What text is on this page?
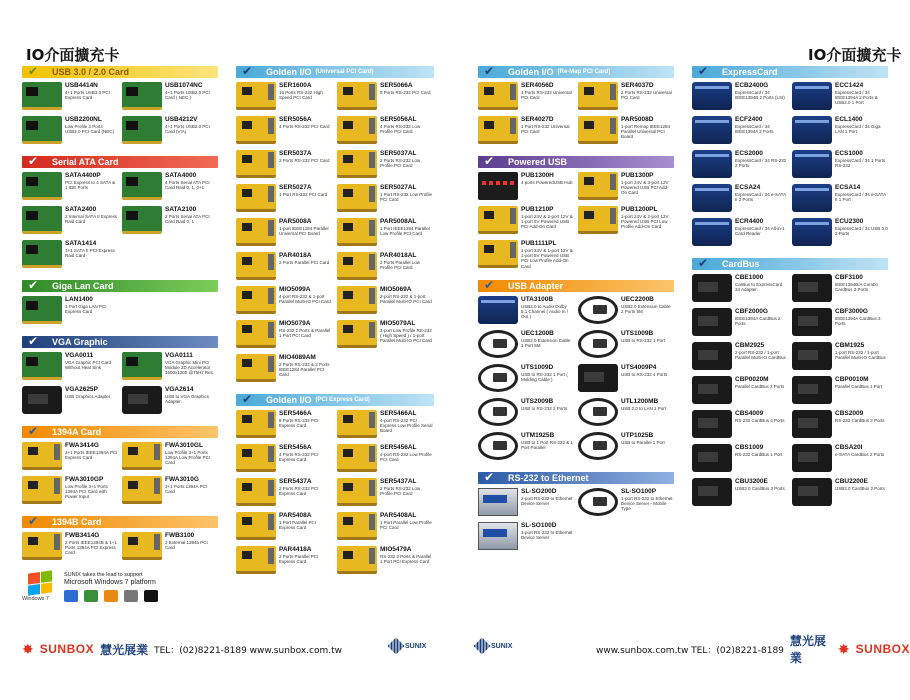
IO介面擴充卡	IO介面擴充卡
✔ USB 3.0 / 2.0 Card
USB4414N
4+1 Ports USB3.0 PCI Express Card
USB1074NC
4+1 Ports USB2.0 PCI Card ( NEC )
USB2200NL
Low Profile 2 Ports USB2.0 PCI Card (NEC)
USB4212V
4+1 Ports USB2.0 PCI Card (VIA)
✔ Serial ATA Card
SATA4400P
PCI Express to 4 SATA & 1 IDE Ports
SATA4000
4 Ports Serial ATA PCI Card Raid 0, 1, 0+1
SATA2400
2 Internal SATA II Express Raid Card
SATA2100
2 Ports Serial ATA PCI Card Raid 0, 1
SATA1414
1+1 SATA II PCI Express Raid Card
✔ Giga Lan Card
LAN1400
1 Port Giga LAN PCI Express Card
✔ VGA Graphic
VGA0011
VGA Graphic PCI Card Without Heat Sink
VGA0111
VGA Graphic Mini PCI Module 2D Accelerator 1600x1200 @75Hz Res.
VGA2625P
USB Graphics Adapter
VGA2614
USB to VGA Graphics Adapter
✔ 1394A Card
FWA3414G
3+1 Ports IEEE1394A PCI Express Card
FWA3010GL
Low Profile 3+1 Ports 1394A Low Profile PCI Card
FWA3010GP
Low Profile 3+1 Ports 1394A PCI Card with Power Input
FWA3010G
3+1 Ports 1394A PCI Card
✔ 1394B Card
FWB3414G
2 Ports IEEE1394B & 1+1 Ports 1394A PCI Express Card
FWB3100
2 External 1394b PCI Card
Windows 7
SUNIX takes the lead to support
Microsoft Windows 7 platform
✔ Golden I/O (Universal PCI Card)
SER1600A
16 Ports RS-232 High Speed PCI Card
SER5066A
8 Ports RS-232 PCI Card
SER5056A
4 Ports RS-232 PCI Card
SER5056AL
4 Ports RS-232 Low Profile PCI Card
SER5037A
2 Ports RS-232 PCI Card
SER5037AL
2 Ports RS-232 Low Profile PCI Card
SER5027A
1 Port RS-232 PCI Card
SER5027AL
1 Port RS-232 Low Profile PCI Card
PAR5008A
1-port IEEE1284 Parallel Universal PCI Board
PAR5008AL
1 Port IEEE1284 Parallel Low Profile PCI Card
PAR4018A
2 Ports Parallel PCI Card
PAR4018AL
2 Ports Parallel Low Profile PCI Card
MIO5099A
4-port RS-232 & 1-port Parallel Multi-IO PCI Card
MIO5069A
2-port RS-232 & 1-port Parallel Multi-IO PCI Card
MIO5079A
RS-232 2 Ports & Parallel 1 Port PCI Card
MIO5079AL
2-port Low Profile RS-232 ( High Speed ) / 1-port Parallel Multi-IO PCI Card
MIO4089AM
2 Ports RS-232 & 2 Ports IEEE1284 Parallel PCI Card
✔ Golden I/O (PCI Express Card)
SER5466A
8 Ports RS-232 PCI Express Card
SER5466AL
4-port RS-232 PCI Express Low Profile Serial Board
SER5456A
4 Ports RS-232 PCI Express Card
SER5456AL
4-port RS-232 Low Profile PCI Card
SER5437A
2 Ports RS-232 PCI Express Card
SER5437AL
2 Ports RS-232 Low Profile PCI Card
PAR5408A
1 Port Parallel PCI Express Card
PAR5408AL
1 Port Parallel Low Profile PCI Card
PAR4418A
2 Ports Parallel PCI Express Card
MIO5479A
RS-232 2 Ports & Parallel 1 Port PCI Express Card
✔ Golden I/O (Re-Map PCI Card)
SER4056D
4 Ports RS-232 Universal PCI Card
SER4037D
2 Ports RS-232 Universal PCI Card
SER4027D
1 Port RS-232 Universal PCI Card
PAR5008D
1-port Remap IEEE1284 Parallel Universal PCI Board
✔ Powered USB
PUB1300H
4 ports PoweredUSB Hub
PUB1300P
1-port 24V & 3-port 12V Powered USB PCI Add-On Card
PUB1210P
1-port 24V & 2-port 12V & 1-port 5V Powered USB PCI Add-On Card
PUB1200PL
1-port 24V & 2-port 12V Powered USB PCI Low Profile Add-On Card
PUB1111PL
1-port 24V & 1-port 12V & 1-port 5V Powered USB PCI Low Profile Add-On Card
✔ USB Adapter
UTA3100B
USB2.0 to Audio Dolby 5.1 Channel ( Audio In / Out )
UEC2200B
USB2.0 Extension Cable 2 Ports 5M
UEC1200B
USB2.0 Extension Cable 1 Port 5M
UTS1009B
USB to RS-232 1 Port
UTS1009D
USB to RS-232 1 Port ( Molding Cable )
UTS4009P4
USB to RS-232 4 Ports
UTS2009B
USB to RS-232 2 Ports
UTL1200MB
USB 2.0 to LAN 1 Port
UTM1925B
USB to 1 Port RS-232 & 1 Port Parallel
UTP1025B
USB to Parallel 1 Port
✔ RS-232 to Ethernet
SL-SO200D
2-port RS-232 to Ethernet Device Server
SL-SO100P
1-port RS-232 to Ethernet Device Server - Mobile Type
SL-SO100D
1-port RS-232 to Ethernet Device Server
✔ ExpressCard
ECB2400G
ExpressCard / 34 IEEE1394B 2 Ports (LSI)
ECC1424
ExpressCard / 34 IEEE1394A 2 Ports & USB2.0 1 Port
ECF2400
ExpressCard / 34 IEEE1394A 2 Ports
ECL1400
ExpressCard / 34 Giga LAN 1 Port
ECS2000
ExpressCard / 34 RS-232 2 Ports
ECS1000
ExpressCard / 34 1 Ports RS-232
ECSA24
ExpressCard / 34 e-SATA II 2 Ports
ECSA14
ExpressCard / 34 e-SATA II 1 Port
ECR4400
ExpressCard / 34 All-in-1 Card Reader
ECU2300
ExpressCard / 34 USB 3.0 2 Ports
✔ CardBus
CBE1000
CarBus to ExpressCard 34 Adapter
CBF3100
IEEE1394B/A Combo CardBus 3 Ports
CBF2000G
IEEE1394A CardBus 2 Ports
CBF3000G
IEEE1394A CardBus 3 Ports
CBM2925
2-port RS-232 / 1-port Parallel Multi-IO CardBus
CBM1925
1-port RS-232 / 1-port Parallel Multi-IO CardBus
CBP0020M
Parallel CardBus 2 Ports
CBP0010M
Parallel CardBus 1 Port
CBS4009
RS-232 CardBus 4 Ports
CBS2009
RS-232 CardBus 2 Ports
CBS1009
RS-232 CardBus 1 Port
CBSA20I
e-SATA CardBus 2 Ports
CBU3200E
USB3.0 CardBus 3 Ports
CBU2200E
USB2.0 CardBus 2 Ports
✸ SUNBOX 慧光展業 TEL：(02)8221-8189 www.sunbox.com.tw	SUNIX	SUNIX	www.sunbox.com.tw TEL：(02)8221-8189
慧光展業
✸ SUNBOX
